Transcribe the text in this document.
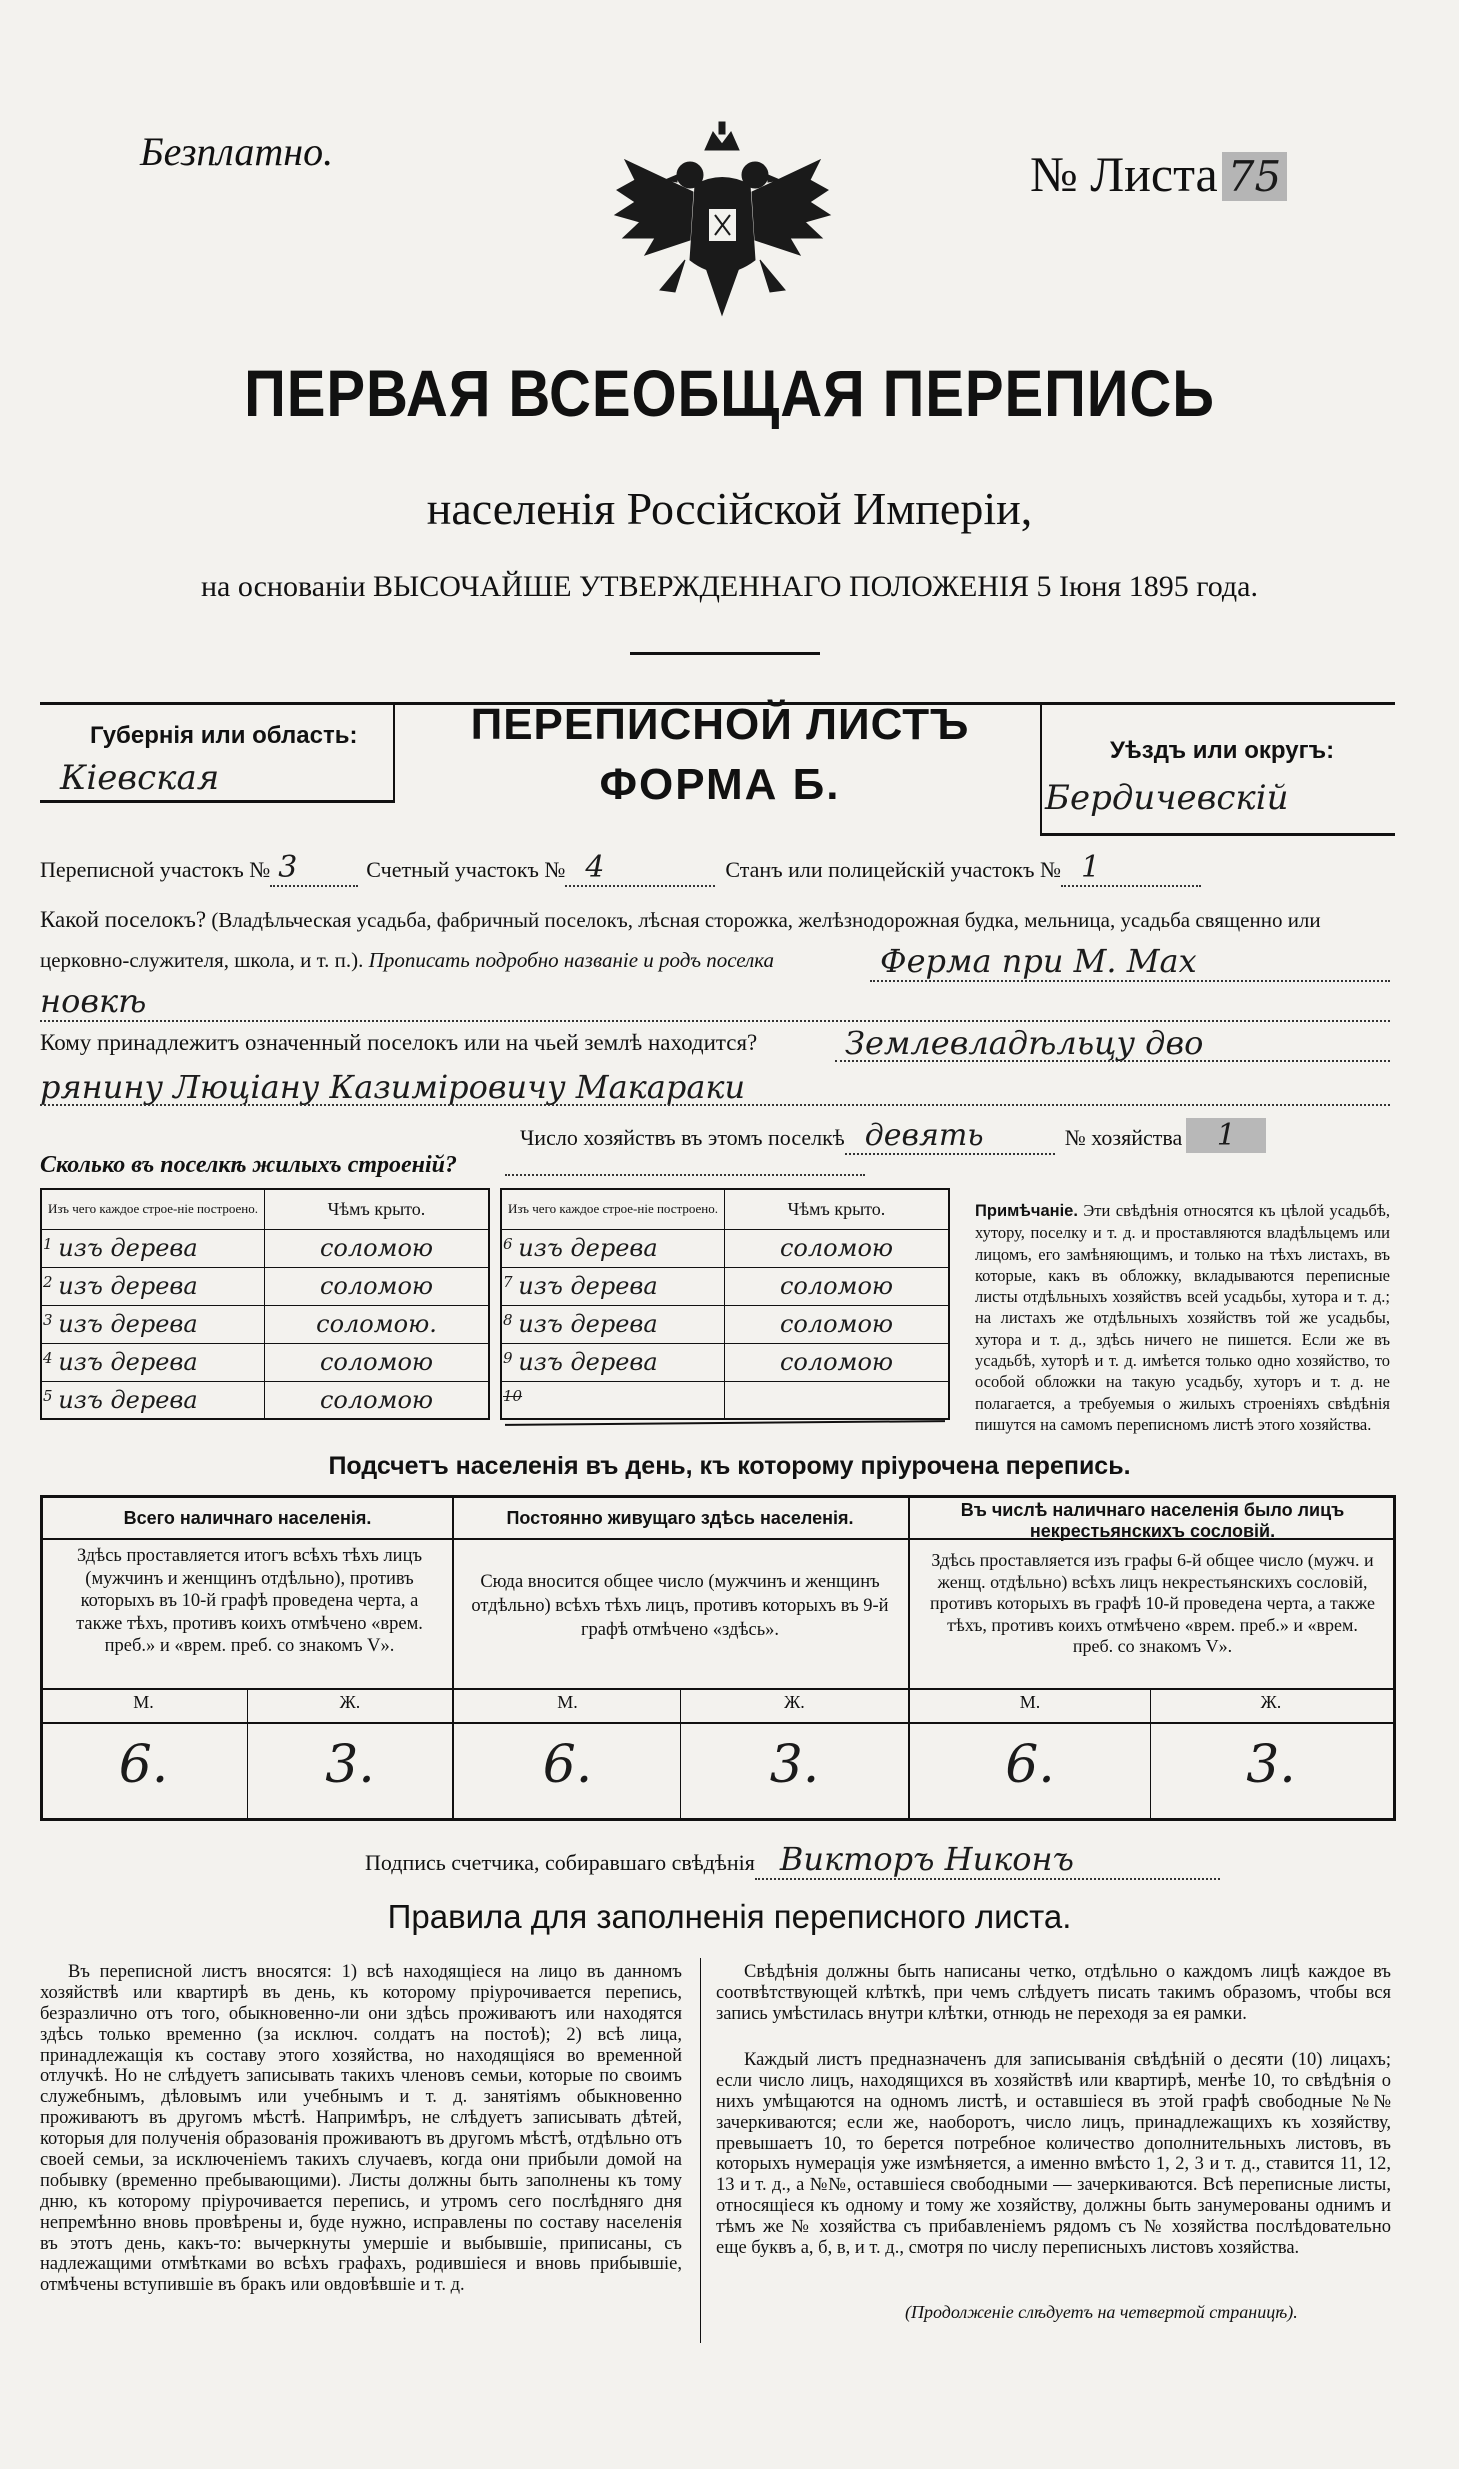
Безплатно.	№ Листа 75
ПЕРВАЯ ВСЕОБЩАЯ ПЕРЕПИСЬ
населенія Россійской Имперіи,
на основаніи ВЫСОЧАЙШЕ УТВЕРЖДЕННАГО ПОЛОЖЕНІЯ 5 Іюня 1895 года.
Губернія или область:
Кіевская
ПЕРЕПИСНОЙ ЛИСТЪ
ФОРМА Б.
Уѣздъ или округъ:
Бердичевскій
Переписной участокъ № 3	Счетный участокъ № 4	Станъ или полицейскій участокъ № 1
Какой поселокъ? (Владѣльческая усадьба, фабричный поселокъ, лѣсная сторожка, желѣзнодорожная будка, мельница, усадьба священно или церковно-служителя, школа, и т. п.). Прописать подробно названіе и родъ поселка	Ферма при М. Мах
новкѣ
Кому принадлежитъ означенный поселокъ или на чьей землѣ находится?	Землевладѣльцу дво
рянину Люціану Казиміровичу Макараки
Число хозяйствъ въ этомъ поселкѣ девять	№ хозяйства 1
Сколько въ поселкѣ жилыхъ строеній?
Изъ чего каждое строе-ніе построено.	Чѣмъ крыто.
$^1$ изъ дерева	соломою
$^2$ изъ дерева	соломою
$^3$ изъ дерева	соломою.
$^4$ изъ дерева	соломою
$^5$ изъ дерева	соломою
Изъ чего каждое строе-ніе построено.	Чѣмъ крыто.
$^6$ изъ дерева	соломою
$^7$ изъ дерева	соломою
$^8$ изъ дерева	соломою
$^9$ изъ дерева	соломою
$^{10}$	
Примѣчаніе. Эти свѣдѣнія относятся къ цѣлой усадьбѣ, хутору, поселку и т. д. и проставляются владѣльцемъ или лицомъ, его замѣняющимъ, и только на тѣхъ листахъ, въ которые, какъ въ обложку, вкладываются переписные листы отдѣльныхъ хозяйствъ всей усадьбы, хутора и т. д.; на листахъ же отдѣльныхъ хозяйствъ той же усадьбы, хутора и т. д., здѣсь ничего не пишется. Если же въ усадьбѣ, хуторѣ и т. д. имѣется только одно хозяйство, то особой обложки на такую усадьбу, хуторъ и т. д. не полагается, а требуемыя о жилыхъ строеніяхъ свѣдѣнія пишутся на самомъ переписномъ листѣ этого хозяйства.
Подсчетъ населенія въ день, къ которому пріурочена перепись.
Всего наличнаго населенія.
Здѣсь проставляется итогъ всѣхъ тѣхъ лицъ (мужчинъ и женщинъ отдѣльно), противъ которыхъ въ 10-й графѣ проведена черта, а также тѣхъ, противъ коихъ отмѣчено «врем. преб.» и «врем. преб. со знакомъ V».
М.	Ж.
6.	3.
Постоянно живущаго здѣсь населенія.
Сюда вносится общее число (мужчинъ и женщинъ отдѣльно) всѣхъ тѣхъ лицъ, противъ которыхъ въ 9-й графѣ отмѣчено «здѣсь».
М.	Ж.
6.	3.
Въ числѣ наличнаго населенія было лицъ некрестьянскихъ сословій.
Здѣсь проставляется изъ графы 6-й общее число (мужч. и женщ. отдѣльно) всѣхъ лицъ некрестьянскихъ сословій, противъ которыхъ въ графѣ 10-й проведена черта, а также тѣхъ, противъ коихъ отмѣчено «врем. преб.» и «врем. преб. со знакомъ V».
М.	Ж.
6.	3.
Подпись счетчика, собиравшаго свѣдѣнія Викторъ Никонъ
Правила для заполненія переписного листа.
Въ переписной листъ вносятся: 1) всѣ находящіеся на лицо въ данномъ хозяйствѣ или квартирѣ въ день, къ которому пріурочивается перепись, безразлично отъ того, обыкновенно-ли они здѣсь проживаютъ или находятся здѣсь только временно (за исключ. солдатъ на постоѣ); 2) всѣ лица, принадлежащія къ составу этого хозяйства, но находящіяся во временной отлучкѣ. Но не слѣдуетъ записывать такихъ членовъ семьи, которые по своимъ служебнымъ, дѣловымъ или учебнымъ и т. д. занятіямъ обыкновенно проживаютъ въ другомъ мѣстѣ. Напримѣръ, не слѣдуетъ записывать дѣтей, которыя для полученія образованія проживаютъ въ другомъ мѣстѣ, отдѣльно отъ своей семьи, за исключеніемъ такихъ случаевъ, когда они прибыли домой на побывку (временно пребывающими). Листы должны быть заполнены къ тому дню, къ которому пріурочивается перепись, и утромъ сего послѣдняго дня непремѣнно вновь провѣрены и, буде нужно, исправлены по составу населенія въ этотъ день, какъ-то: вычеркнуты умершіе и выбывшіе, приписаны, съ надлежащими отмѣтками во всѣхъ графахъ, родившіеся и вновь прибывшіе, отмѣчены вступившіе въ бракъ или овдовѣвшіе и т. д.
Свѣдѣнія должны быть написаны четко, отдѣльно о каждомъ лицѣ каждое въ соотвѣтствующей клѣткѣ, при чемъ слѣдуетъ писать такимъ образомъ, чтобы вся запись умѣстилась внутри клѣтки, отнюдь не переходя за ея рамки.
Каждый листъ предназначенъ для записыванія свѣдѣній о десяти (10) лицахъ; если число лицъ, находящихся въ хозяйствѣ или квартирѣ, менѣе 10, то свѣдѣнія о нихъ умѣщаются на одномъ листѣ, и оставшіеся въ этой графѣ свободные №№ зачеркиваются; если же, наоборотъ, число лицъ, принадлежащихъ къ хозяйству, превышаетъ 10, то берется потребное количество дополнительныхъ листовъ, въ которыхъ нумерація уже измѣняется, а именно вмѣсто 1, 2, 3 и т. д., ставится 11, 12, 13 и т. д., а №№, оставшіеся свободными — зачеркиваются. Всѣ переписные листы, относящіеся къ одному и тому же хозяйству, должны быть занумерованы однимъ и тѣмъ же № хозяйства съ прибавленіемъ рядомъ съ № хозяйства послѣдовательно еще буквъ а, б, в, и т. д., смотря по числу переписныхъ листовъ хозяйства.
(Продолженіе слѣдуетъ на четвертой страницѣ).
